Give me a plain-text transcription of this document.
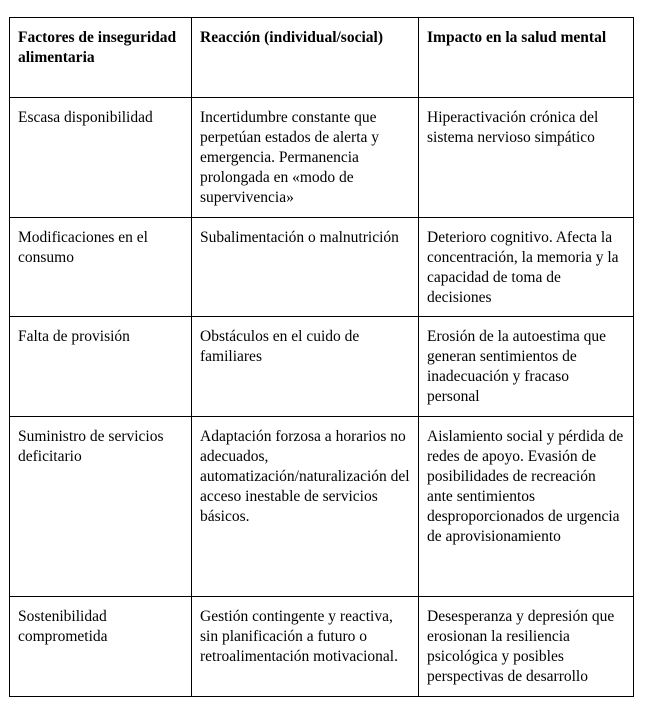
Factores de inseguridad alimentaria	Reacción (individual/social)	Impacto en la salud mental
Escasa disponibilidad	Incertidumbre constante que perpetúan estados de alerta y emergencia. Permanencia prolongada en «modo de supervivencia»	Hiperactivación crónica del sistema nervioso simpático
Modificaciones en el consumo	Subalimentación o malnutrición	Deterioro cognitivo. Afecta la concentración, la memoria y la capacidad de toma de decisiones
Falta de provisión	Obstáculos en el cuido de familiares	Erosión de la autoestima que generan sentimientos de inadecuación y fracaso personal
Suministro de servicios deficitario	Adaptación forzosa a horarios no adecuados, automatización/naturalización del acceso inestable de servicios básicos.	Aislamiento social y pérdida de redes de apoyo. Evasión de posibilidades de recreación ante sentimientos desproporcionados de urgencia de aprovisionamiento
Sostenibilidad comprometida	Gestión contingente y reactiva, sin planificación a futuro o retroalimentación motivacional.	Desesperanza y depresión que erosionan la resiliencia psicológica y posibles perspectivas de desarrollo
